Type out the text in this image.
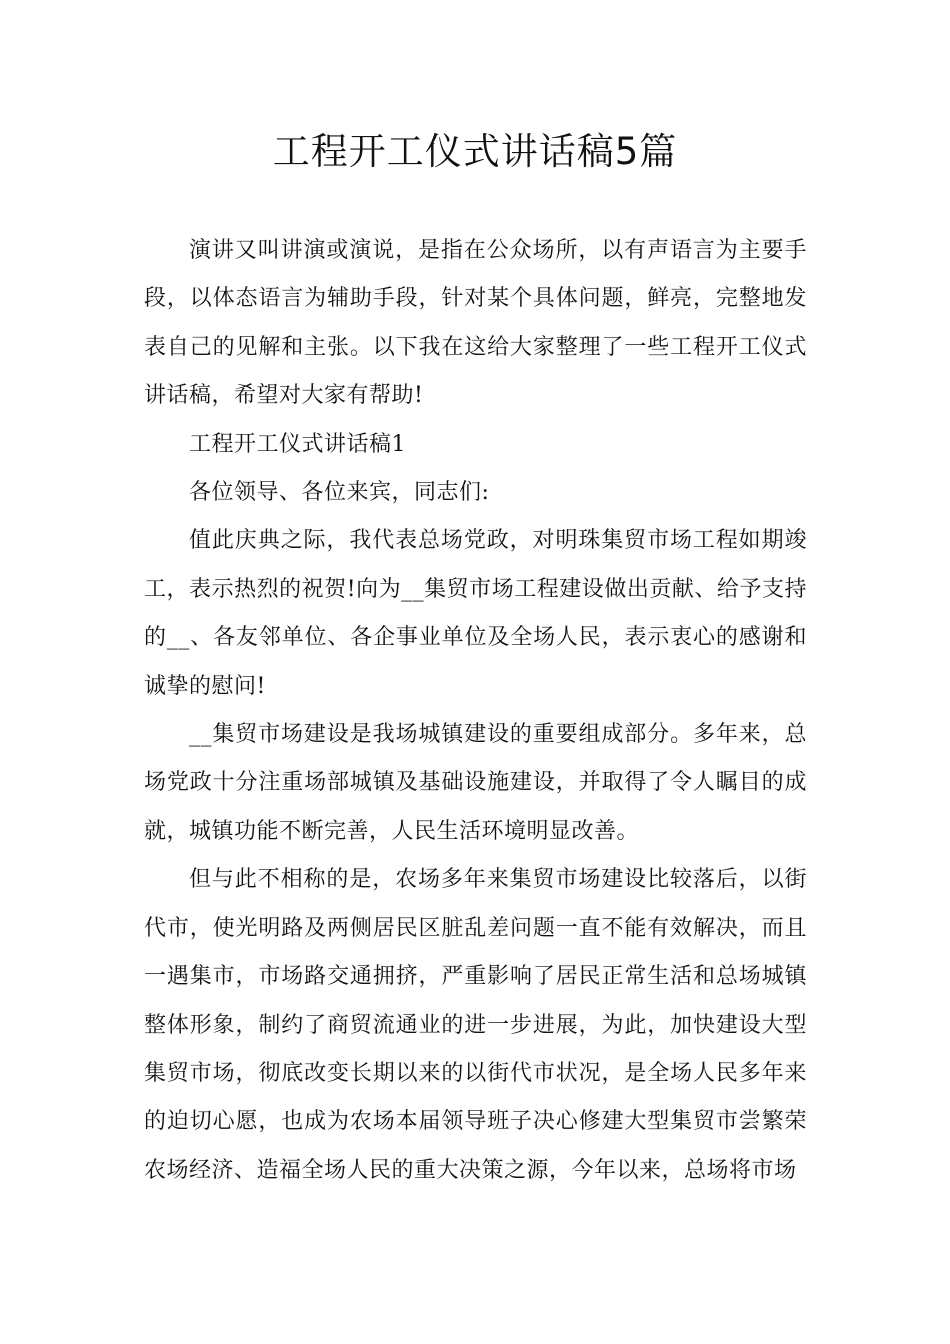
工程开工仪式讲话稿5篇

演讲又叫讲演或演说，是指在公众场所，以有声语言为主要手段，以体态语言为辅助手段，针对某个具体问题，鲜亮，完整地发表自己的见解和主张。以下我在这给大家整理了一些工程开工仪式讲话稿，希望对大家有帮助!

工程开工仪式讲话稿1

各位领导、各位来宾，同志们:

值此庆典之际，我代表总场党政，对明珠集贸市场工程如期竣工，表示热烈的祝贺!向为__集贸市场工程建设做出贡献、给予支持的__、各友邻单位、各企事业单位及全场人民，表示衷心的感谢和诚挚的慰问!

__集贸市场建设是我场城镇建设的重要组成部分。多年来，总场党政十分注重场部城镇及基础设施建设，并取得了令人瞩目的成就，城镇功能不断完善，人民生活环境明显改善。

但与此不相称的是，农场多年来集贸市场建设比较落后，以街代市，使光明路及两侧居民区脏乱差问题一直不能有效解决，而且一遇集市，市场路交通拥挤，严重影响了居民正常生活和总场城镇整体形象，制约了商贸流通业的进一步进展，为此，加快建设大型集贸市场，彻底改变长期以来的以街代市状况，是全场人民多年来的迫切心愿，也成为农场本届领导班子决心修建大型集贸市尝繁荣农场经济、造福全场人民的重大决策之源，今年以来，总场将市场
